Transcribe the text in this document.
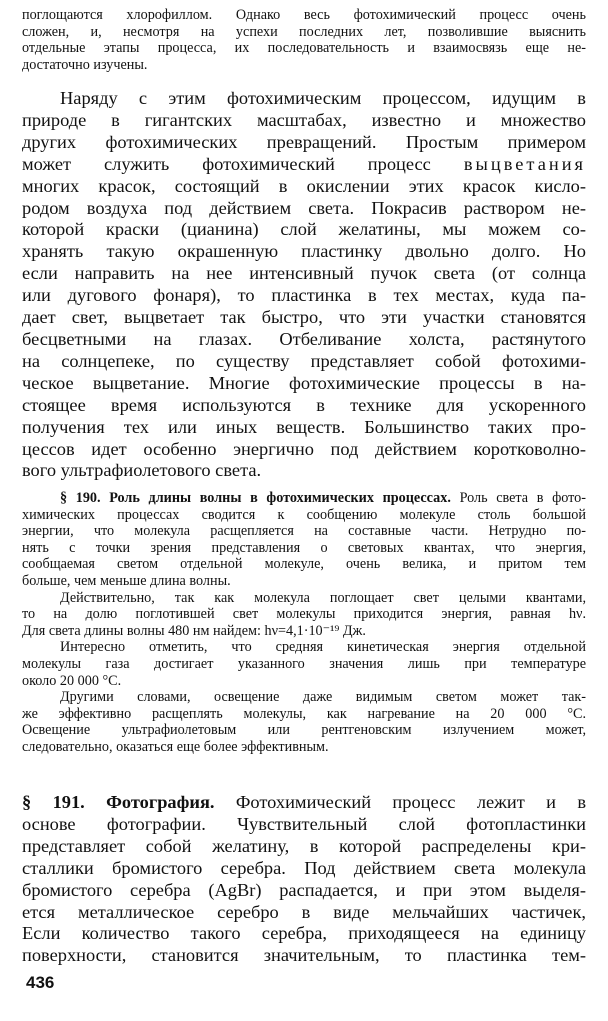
поглощаются хлорофиллом. Однако весь фотохимический процесс очень
сложен, и, несмотря на успехи последних лет, позволившие выяснить
отдельные этапы процесса, их последовательность и взаимосвязь еще не-
достаточно изучены.
Наряду с этим фотохимическим процессом, идущим в
природе в гигантских масштабах, известно и множество
других фотохимических превращений. Простым примером
может служить фотохимический процесс выцветания
многих красок, состоящий в окислении этих красок кисло-
родом воздуха под действием света. Покрасив раствором не-
которой краски (цианина) слой желатины, мы можем со-
хранять такую окрашенную пластинку двольно долго. Но
если направить на нее интенсивный пучок света (от солнца
или дугового фонаря), то пластинка в тех местах, куда па-
дает свет, выцветает так быстро, что эти участки становятся
бесцветными на глазах. Отбеливание холста, растянутого
на солнцепеке, по существу представляет собой фотохими-
ческое выцветание. Многие фотохимические процессы в на-
стоящее время используются в технике для ускоренного
получения тех или иных веществ. Большинство таких про-
цессов идет особенно энергично под действием коротковолно-
вого ультрафиолетового света.
§ 190. Роль длины волны в фотохимических процессах. Роль света в фото-
химических процессах сводится к сообщению молекуле столь большой
энергии, что молекула расщепляется на составные части. Нетрудно по-
нять с точки зрения представления о световых квантах, что энергия,
сообщаемая светом отдельной молекуле, очень велика, и притом тем
больше, чем меньше длина волны.
Действительно, так как молекула поглощает свет целыми квантами,
то на долю поглотившей свет молекулы приходится энергия, равная hν.
Для света длины волны 480 нм найдем: hν=4,1·10⁻¹⁹ Дж.
Интересно отметить, что средняя кинетическая энергия отдельной
молекулы газа достигает указанного значения лишь при температуре
около 20 000 °С.
Другими словами, освещение даже видимым светом может так-
же эффективно расщеплять молекулы, как нагревание на 20 000 °С.
Освещение ультрафиолетовым или рентгеновским излучением может,
следовательно, оказаться еще более эффективным.
§ 191. Фотография. Фотохимический процесс лежит и в
основе фотографии. Чувствительный слой фотопластинки
представляет собой желатину, в которой распределены кри-
сталлики бромистого серебра. Под действием света молекула
бромистого серебра (AgBr) распадается, и при этом выделя-
ется металлическое серебро в виде мельчайших частичек,
Если количество такого серебра, приходящееся на единицу
поверхности, становится значительным, то пластинка тем-
436
